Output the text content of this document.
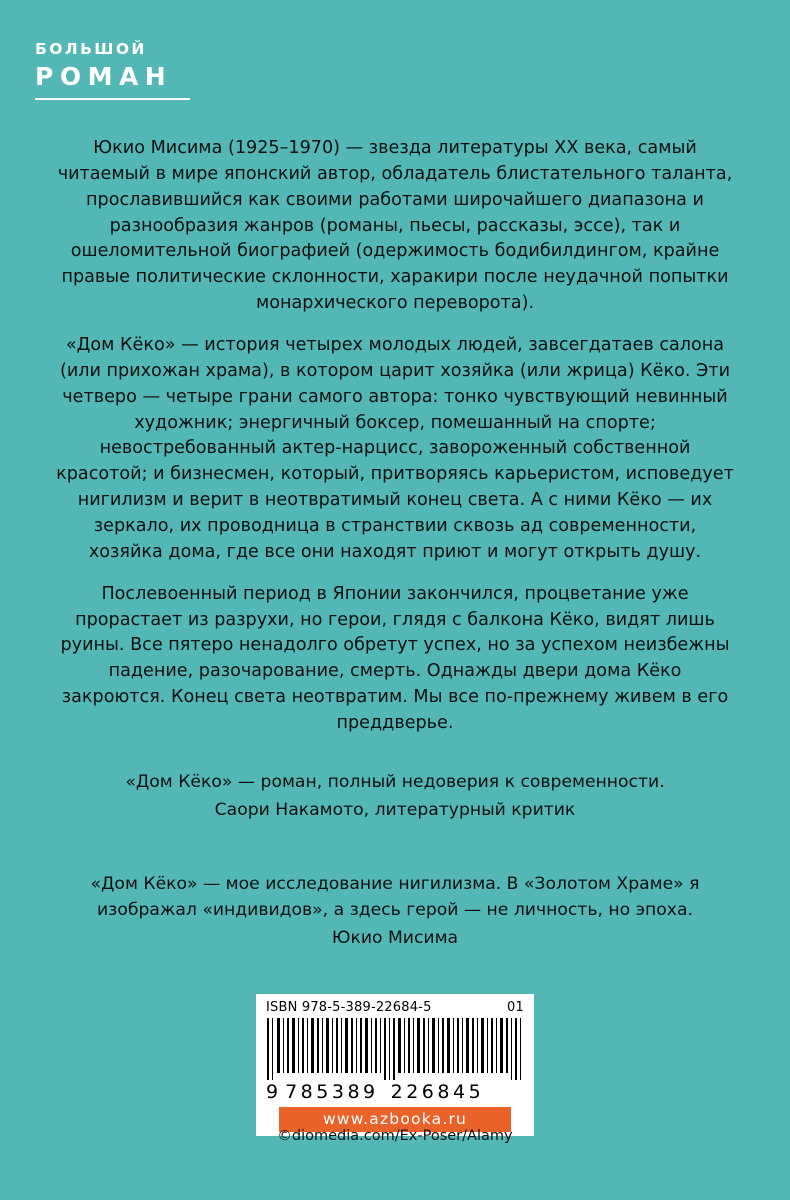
БОЛЬШОЙ
РОМАН

Юкио Мисима (1925–1970) — звезда литературы XX века, самый читаемый в мире японский автор, обладатель блистательного таланта, прославившийся как своими работами широчайшего диапазона и разнообразия жанров (романы, пьесы, рассказы, эссе), так и ошеломительной биографией (одержимость бодибилдингом, крайне правые политические склонности, харакири после неудачной попытки монархического переворота).

«Дом Кёко» — история четырех молодых людей, завсегдатаев салона (или прихожан храма), в котором царит хозяйка (или жрица) Кёко. Эти четверо — четыре грани самого автора: тонко чувствующий невинный художник; энергичный боксер, помешанный на спорте; невостребованный актер-нарцисс, завороженный собственной красотой; и бизнесмен, который, притворяясь карьеристом, исповедует нигилизм и верит в неотвратимый конец света. А с ними Кёко — их зеркало, их проводница в странствии сквозь ад современности, хозяйка дома, где все они находят приют и могут открыть душу.

Послевоенный период в Японии закончился, процветание уже прорастает из разрухи, но герои, глядя с балкона Кёко, видят лишь руины. Все пятеро ненадолго обретут успех, но за успехом неизбежны падение, разочарование, смерть. Однажды двери дома Кёко закроются. Конец света неотвратим. Мы все по-прежнему живем в его преддверье.

«Дом Кёко» — роман, полный недоверия к современности.
Саори Накамото, литературный критик
«Дом Кёко» — мое исследование нигилизма. В «Золотом Храме» я изображал «индивидов», а здесь герой — не личность, но эпоха.
Юкио Мисима
ISBN 978-5-389-22684-5	01
9 785389 226845
www.azbooka.ru
©diomedia.com/Ex-Poser/Alamy
